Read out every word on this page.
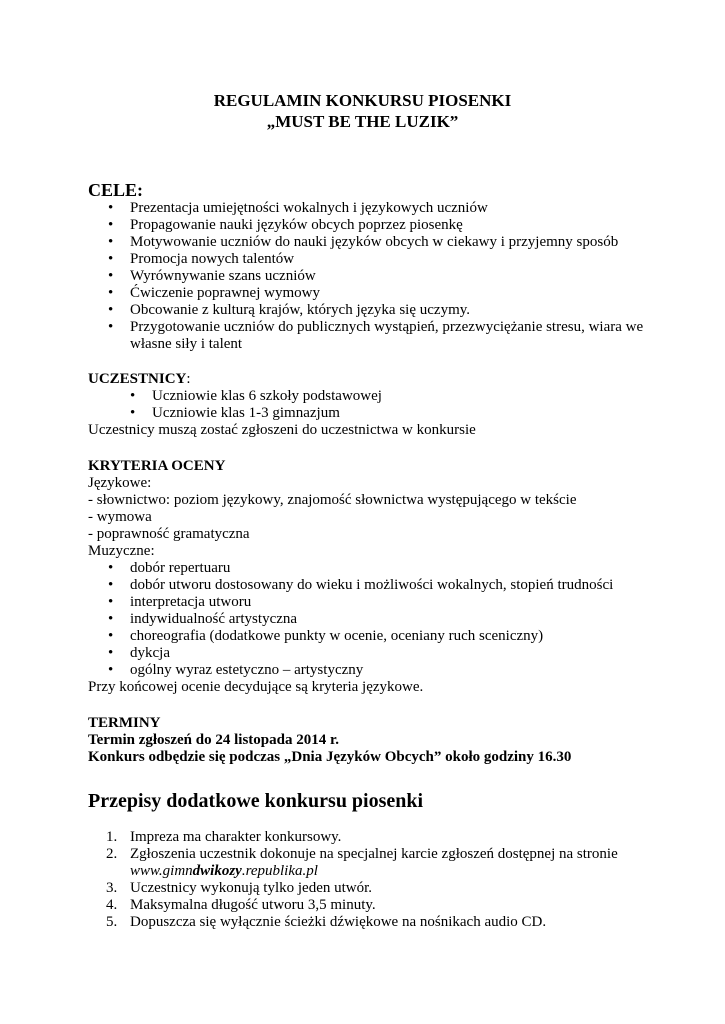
REGULAMIN KONKURSU PIOSENKI
„MUST BE THE LUZIK”
CELE:
• Prezentacja umiejętności wokalnych i językowych uczniów
• Propagowanie nauki języków obcych poprzez piosenkę
• Motywowanie uczniów do nauki języków obcych w ciekawy i przyjemny sposób
• Promocja nowych talentów
• Wyrównywanie szans uczniów
• Ćwiczenie poprawnej wymowy
• Obcowanie z kulturą krajów, których języka się uczymy.
• Przygotowanie uczniów do publicznych wystąpień, przezwyciężanie stresu, wiara we własne siły i talent
UCZESTNICY:
• Uczniowie klas 6 szkoły podstawowej
• Uczniowie klas 1-3 gimnazjum
Uczestnicy muszą zostać zgłoszeni do uczestnictwa w konkursie
KRYTERIA OCENY
Językowe:
- słownictwo: poziom językowy, znajomość słownictwa występującego w tekście
- wymowa
- poprawność gramatyczna
Muzyczne:
• dobór repertuaru
• dobór utworu dostosowany do wieku i możliwości wokalnych, stopień trudności
• interpretacja utworu
• indywidualność artystyczna
• choreografia (dodatkowe punkty w ocenie, oceniany ruch sceniczny)
• dykcja
• ogólny wyraz estetyczno – artystyczny
Przy końcowej ocenie decydujące są kryteria językowe.
TERMINY
Termin zgłoszeń do 24 listopada 2014 r.
Konkurs odbędzie się podczas „Dnia Języków Obcych” około godziny 16.30
Przepisy dodatkowe konkursu piosenki
1. Impreza ma charakter konkursowy.
2. Zgłoszenia uczestnik dokonuje na specjalnej karcie zgłoszeń dostępnej na stronie
www.gimndwikozy.republika.pl
3. Uczestnicy wykonują tylko jeden utwór.
4. Maksymalna długość utworu 3,5 minuty.
5. Dopuszcza się wyłącznie ścieżki dźwiękowe na nośnikach audio CD.
